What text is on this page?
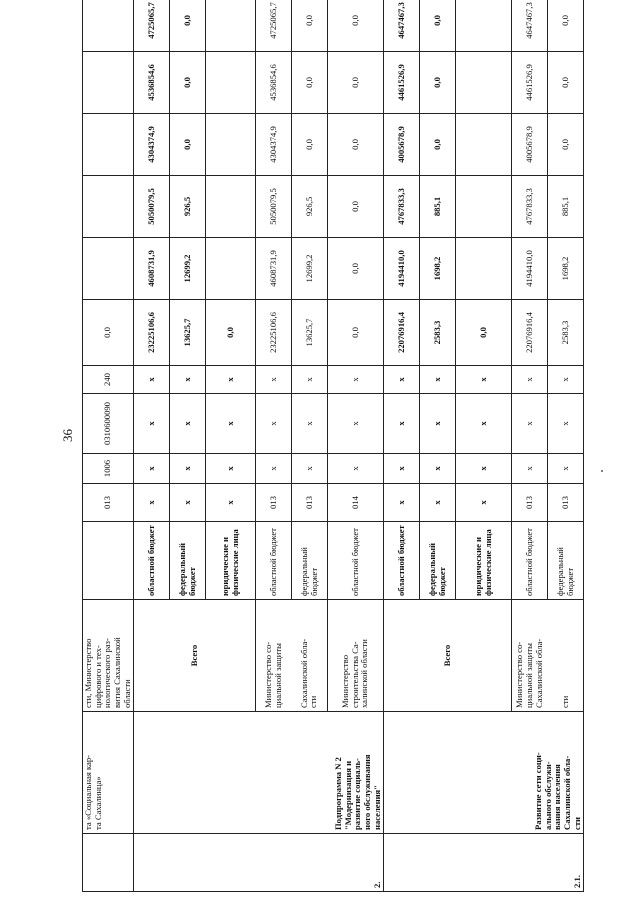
36
	та «Социальная кар-
та Сахалинца»	сти, Министерство
цифрового и тех-
нологического раз-
вития Сахалинской
области		013	1006	0310600090	240	0,0					
2.	Подпрограмма N 2
"Модернизация и
развитие социаль-
ного обслуживания
населения"	Всего	областной бюджет	x	x	x	x	23225106,6	4608731,9	5050079,5	4304374,9	4536854,6	4725065,7
			федеральный бюджет	x	x	x	x	13625,7	12699,2	926,5	0,0	0,0	0,0
			юридические и физические лица	x	x	x	x	0,0					
		Министерство со-
циальной защиты	областной бюджет	013	x	x	x	23225106,6	4608731,9	5050079,5	4304374,9	4536854,6	4725065,7
		Сахалинской обла-
сти	федеральный бюджет	013	x	x	x	13625,7	12699,2	926,5	0,0	0,0	0,0
		Министерство
строительства Са-
халинской области	областной бюджет	014	x	x	x	0,0	0,0	0,0	0,0	0,0	0,0
2.1.	Развитие сети соци-
ального обслужи-
вания населения
Сахалинской обла-
сти	Всего	областной бюджет	x	x	x	x	22076916,4	4194410,0	4767833,3	4005678,9	4461526,9	4647467,3
			федеральный бюджет	x	x	x	x	2583,3	1698,2	885,1	0,0	0,0	0,0
			юридические и физические лица	x	x	x	x	0,0					
		Министерство со-
циальной защиты
Сахалинской обла-	областной бюджет	013	x	x	x	22076916,4	4194410,0	4767833,3	4005678,9	4461526,9	4647467,3
		сти	федеральный бюджет	013	x	x	x	2583,3	1698,2	885,1	0,0	0,0	0,0
